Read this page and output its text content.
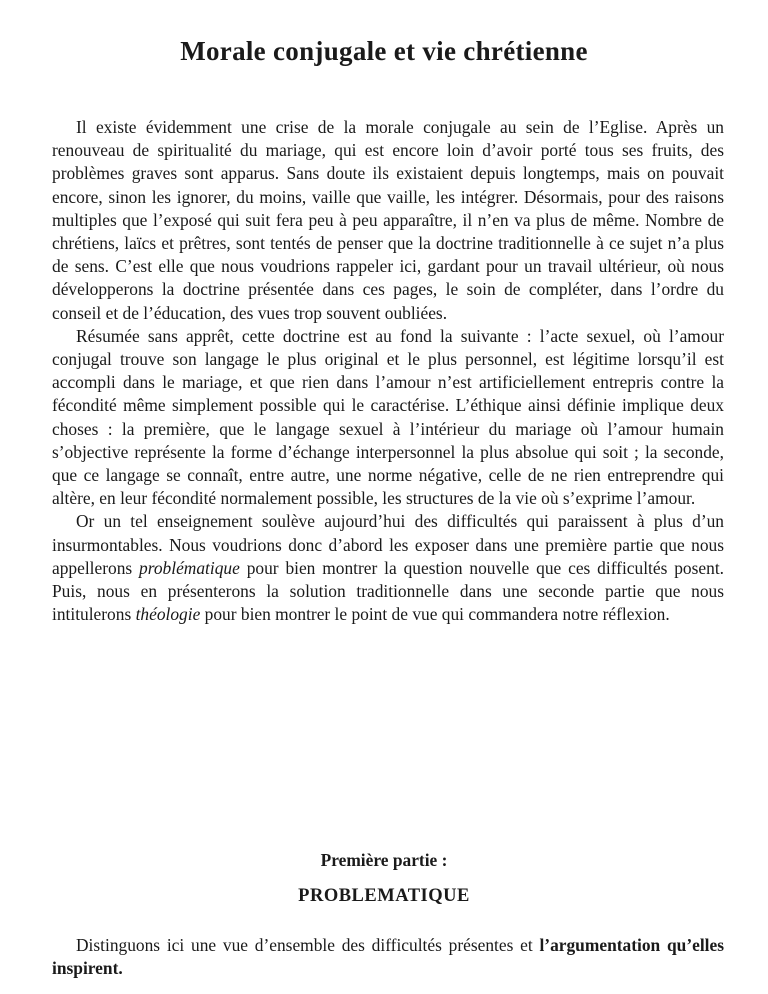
Morale conjugale et vie chrétienne

Il existe évidemment une crise de la morale conjugale au sein de l’Eglise. Après un renouveau de spiritualité du mariage, qui est encore loin d’avoir porté tous ses fruits, des problèmes graves sont apparus. Sans doute ils existaient depuis longtemps, mais on pouvait encore, sinon les ignorer, du moins, vaille que vaille, les intégrer. Désormais, pour des raisons multiples que l’exposé qui suit fera peu à peu apparaître, il n’en va plus de même. Nombre de chrétiens, laïcs et prêtres, sont tentés de penser que la doctrine traditionnelle à ce sujet n’a plus de sens. C’est elle que nous voudrions rappeler ici, gardant pour un travail ultérieur, où nous développerons la doctrine présentée dans ces pages, le soin de compléter, dans l’ordre du conseil et de l’éducation, des vues trop souvent oubliées.

Résumée sans apprêt, cette doctrine est au fond la suivante : l’acte sexuel, où l’amour conjugal trouve son langage le plus original et le plus personnel, est légitime lorsqu’il est accompli dans le mariage, et que rien dans l’amour n’est artificiellement entrepris contre la fécondité même simplement possible qui le caractérise. L’éthique ainsi définie implique deux choses : la première, que le langage sexuel à l’intérieur du mariage où l’amour humain s’objective représente la forme d’échange interpersonnel la plus absolue qui soit ; la seconde, que ce langage se connaît, entre autre, une norme négative, celle de ne rien entreprendre qui altère, en leur fécondité normalement possible, les structures de la vie où s’exprime l’amour.

Or un tel enseignement soulève aujourd’hui des difficultés qui paraissent à plus d’un insurmontables. Nous voudrions donc d’abord les exposer dans une première partie que nous appellerons problématique pour bien montrer la question nouvelle que ces difficultés posent. Puis, nous en présenterons la solution traditionnelle dans une seconde partie que nous intitulerons théologie pour bien montrer le point de vue qui commandera notre réflexion.

Première partie :
PROBLEMATIQUE

Distinguons ici une vue d’ensemble des difficultés présentes et l’argumentation qu’elles inspirent.
